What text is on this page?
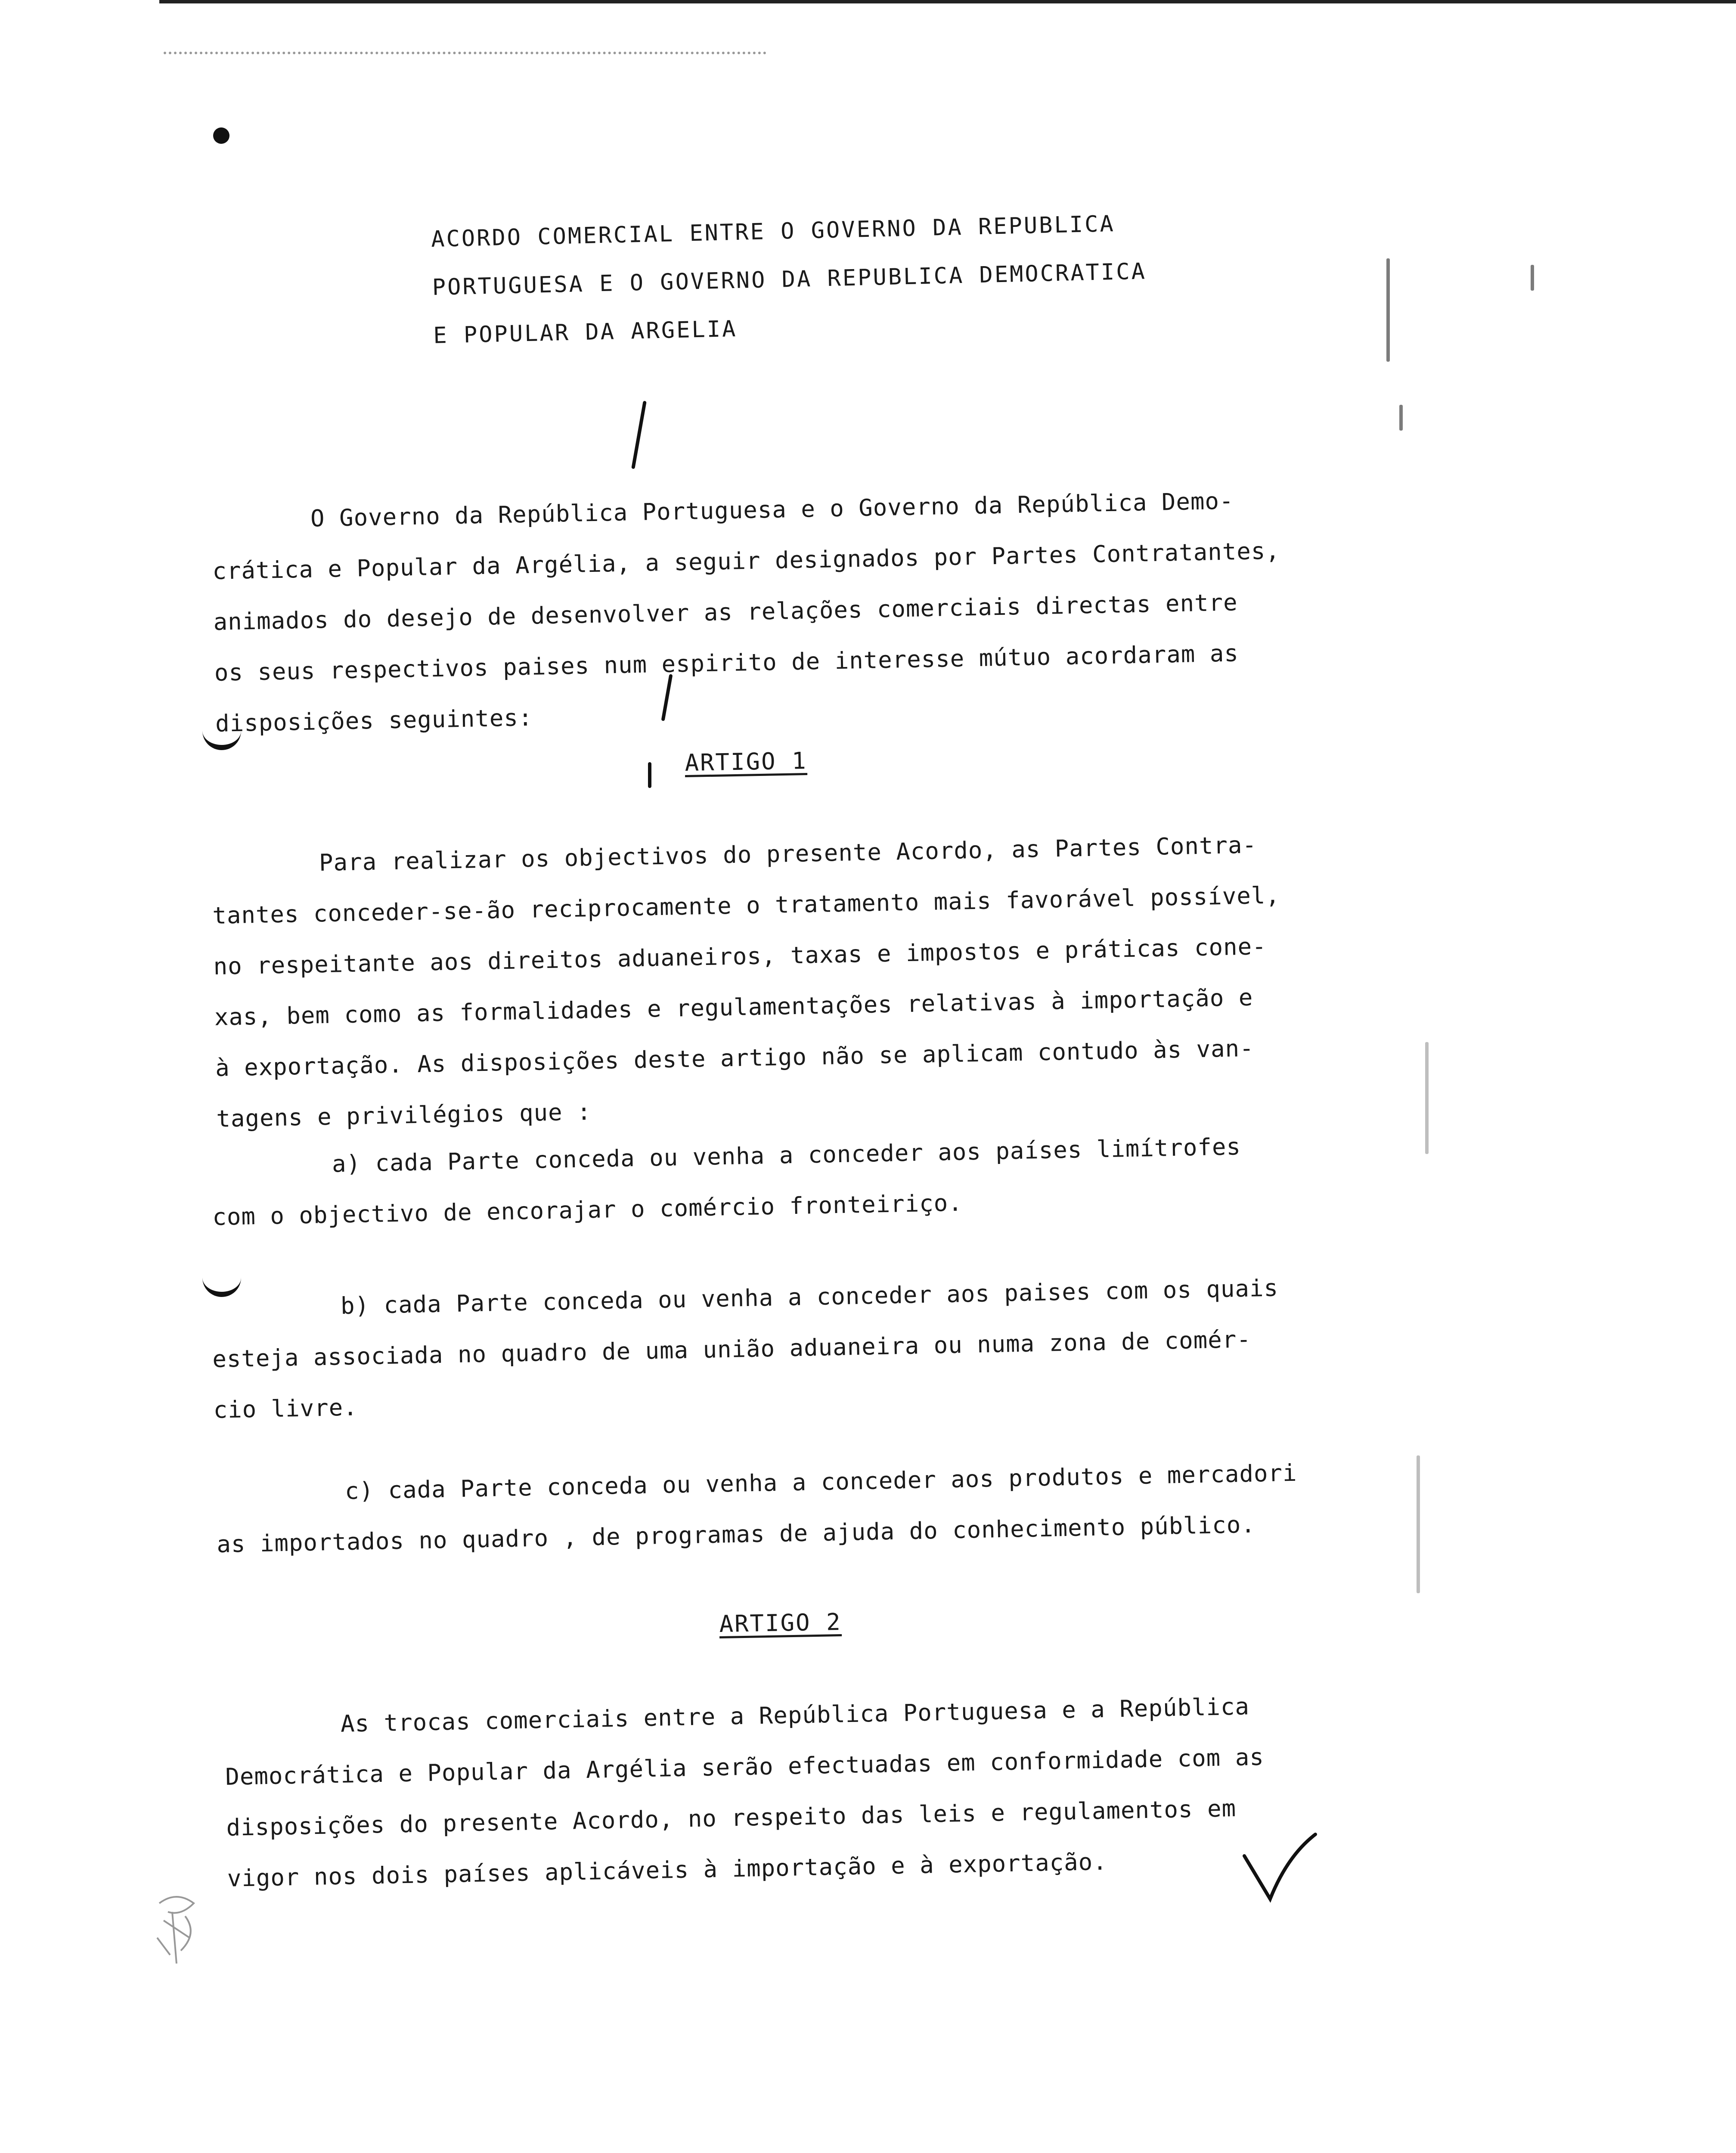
ACORDO COMERCIAL ENTRE O GOVERNO DA REPUBLICA
PORTUGUESA E O GOVERNO DA REPUBLICA DEMOCRATICA
E POPULAR DA ARGELIA

O Governo da República Portuguesa e o Governo da República Demo-

crática e Popular da Argélia, a seguir designados por Partes Contratantes,

animados do desejo de desenvolver as relações comerciais directas entre

os seus respectivos paises num espirito de interesse mútuo acordaram as

disposições seguintes:

ARTIGO 1

Para realizar os objectivos do presente Acordo, as Partes Contra-

tantes conceder-se-ão reciprocamente o tratamento mais favorável possível,

no respeitante aos direitos aduaneiros, taxas e impostos e práticas cone-

xas, bem como as formalidades e regulamentações relativas à importação e

à exportação. As disposições deste artigo não se aplicam contudo às van-

tagens e privilégios que :

a) cada Parte conceda ou venha a conceder aos países limítrofes

com o objectivo de encorajar o comércio fronteiriço.

b) cada Parte conceda ou venha a conceder aos paises com os quais

esteja associada no quadro de uma união aduaneira ou numa zona de comér-

cio livre.

c) cada Parte conceda ou venha a conceder aos produtos e mercadori

as importados no quadro , de programas de ajuda do conhecimento público.

ARTIGO 2

As trocas comerciais entre a República Portuguesa e a República

Democrática e Popular da Argélia serão efectuadas em conformidade com as

disposições do presente Acordo, no respeito das leis e regulamentos em

vigor nos dois países aplicáveis à importação e à exportação.
